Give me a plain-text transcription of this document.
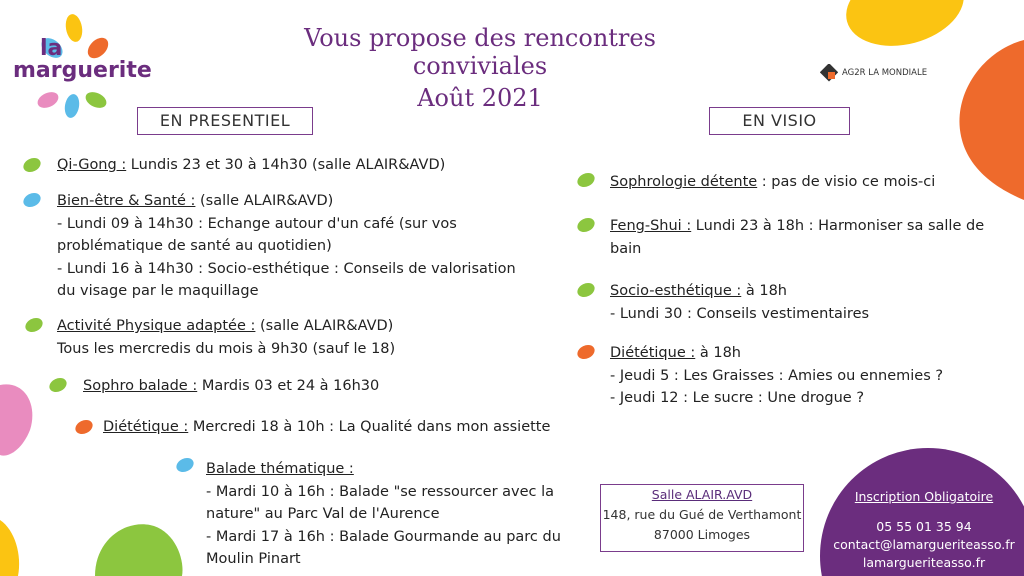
la
marguerite	AG2R LA MONDIALE
Vous propose des rencontres conviviales
Août 2021
EN PRESENTIEL	EN VISIO
Qi-Gong : Lundis 23 et 30 à 14h30 (salle ALAIR&AVD)
Bien-être & Santé : (salle ALAIR&AVD)
- Lundi 09 à 14h30 : Echange autour d'un café (sur vos
problématique de santé au quotidien)
- Lundi 16 à 14h30 : Socio-esthétique : Conseils de valorisation
du visage par le maquillage
Activité Physique adaptée : (salle ALAIR&AVD)
Tous les mercredis du mois à 9h30 (sauf le 18)
Sophro balade : Mardis 03 et 24 à 16h30
Diététique : Mercredi 18 à 10h : La Qualité dans mon assiette
Balade thématique :
- Mardi 10 à 16h : Balade "se ressourcer avec la
nature" au Parc Val de l'Aurence
- Mardi 17 à 16h : Balade Gourmande au parc du
Moulin Pinart
Sophrologie détente : pas de visio ce mois-ci
Feng-Shui : Lundi 23 à 18h : Harmoniser sa salle de
bain
Socio-esthétique : à 18h
- Lundi 30 : Conseils vestimentaires
Diététique : à 18h
- Jeudi 5 : Les Graisses : Amies ou ennemies ?
- Jeudi 12 : Le sucre : Une drogue ?
Salle ALAIR.AVD
148, rue du Gué de Verthamont
87000 Limoges
Inscription Obligatoire
05 55 01 35 94
contact@lamargueriteasso.fr
lamargueriteasso.fr
